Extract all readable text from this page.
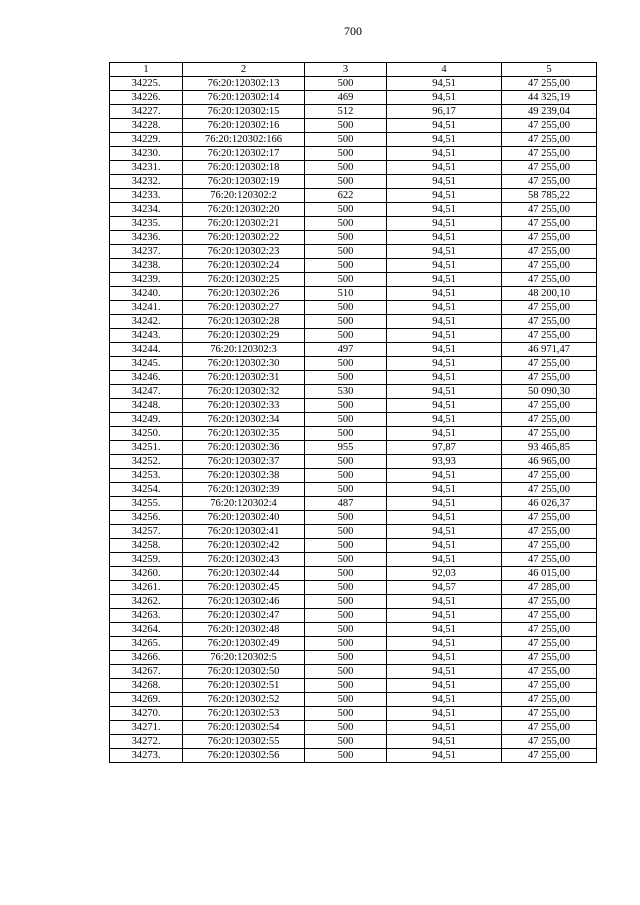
700
1	2	3	4	5
34225.	76:20:120302:13	500	94,51	47 255,00
34226.	76:20:120302:14	469	94,51	44 325,19
34227.	76:20:120302:15	512	96,17	49 239,04
34228.	76:20:120302:16	500	94,51	47 255,00
34229.	76:20:120302:166	500	94,51	47 255,00
34230.	76:20:120302:17	500	94,51	47 255,00
34231.	76:20:120302:18	500	94,51	47 255,00
34232.	76:20:120302:19	500	94,51	47 255,00
34233.	76:20:120302:2	622	94,51	58 785,22
34234.	76:20:120302:20	500	94,51	47 255,00
34235.	76:20:120302:21	500	94,51	47 255,00
34236.	76:20:120302:22	500	94,51	47 255,00
34237.	76:20:120302:23	500	94,51	47 255,00
34238.	76:20:120302:24	500	94,51	47 255,00
34239.	76:20:120302:25	500	94,51	47 255,00
34240.	76:20:120302:26	510	94,51	48 200,10
34241.	76:20:120302:27	500	94,51	47 255,00
34242.	76:20:120302:28	500	94,51	47 255,00
34243.	76:20:120302:29	500	94,51	47 255,00
34244.	76:20:120302:3	497	94,51	46 971,47
34245.	76:20:120302:30	500	94,51	47 255,00
34246.	76:20:120302:31	500	94,51	47 255,00
34247.	76:20:120302:32	530	94,51	50 090,30
34248.	76:20:120302:33	500	94,51	47 255,00
34249.	76:20:120302:34	500	94,51	47 255,00
34250.	76:20:120302:35	500	94,51	47 255,00
34251.	76:20:120302:36	955	97,87	93 465,85
34252.	76:20:120302:37	500	93,93	46 965,00
34253.	76:20:120302:38	500	94,51	47 255,00
34254.	76:20:120302:39	500	94,51	47 255,00
34255.	76:20:120302:4	487	94,51	46 026,37
34256.	76:20:120302:40	500	94,51	47 255,00
34257.	76:20:120302:41	500	94,51	47 255,00
34258.	76:20:120302:42	500	94,51	47 255,00
34259.	76:20:120302:43	500	94,51	47 255,00
34260.	76:20:120302:44	500	92,03	46 015,00
34261.	76:20:120302:45	500	94,57	47 285,00
34262.	76:20:120302:46	500	94,51	47 255,00
34263.	76:20:120302:47	500	94,51	47 255,00
34264.	76:20:120302:48	500	94,51	47 255,00
34265.	76:20:120302:49	500	94,51	47 255,00
34266.	76:20:120302:5	500	94,51	47 255,00
34267.	76:20:120302:50	500	94,51	47 255,00
34268.	76:20:120302:51	500	94,51	47 255,00
34269.	76:20:120302:52	500	94,51	47 255,00
34270.	76:20:120302:53	500	94,51	47 255,00
34271.	76:20:120302:54	500	94,51	47 255,00
34272.	76:20:120302:55	500	94,51	47 255,00
34273.	76:20:120302:56	500	94,51	47 255,00
